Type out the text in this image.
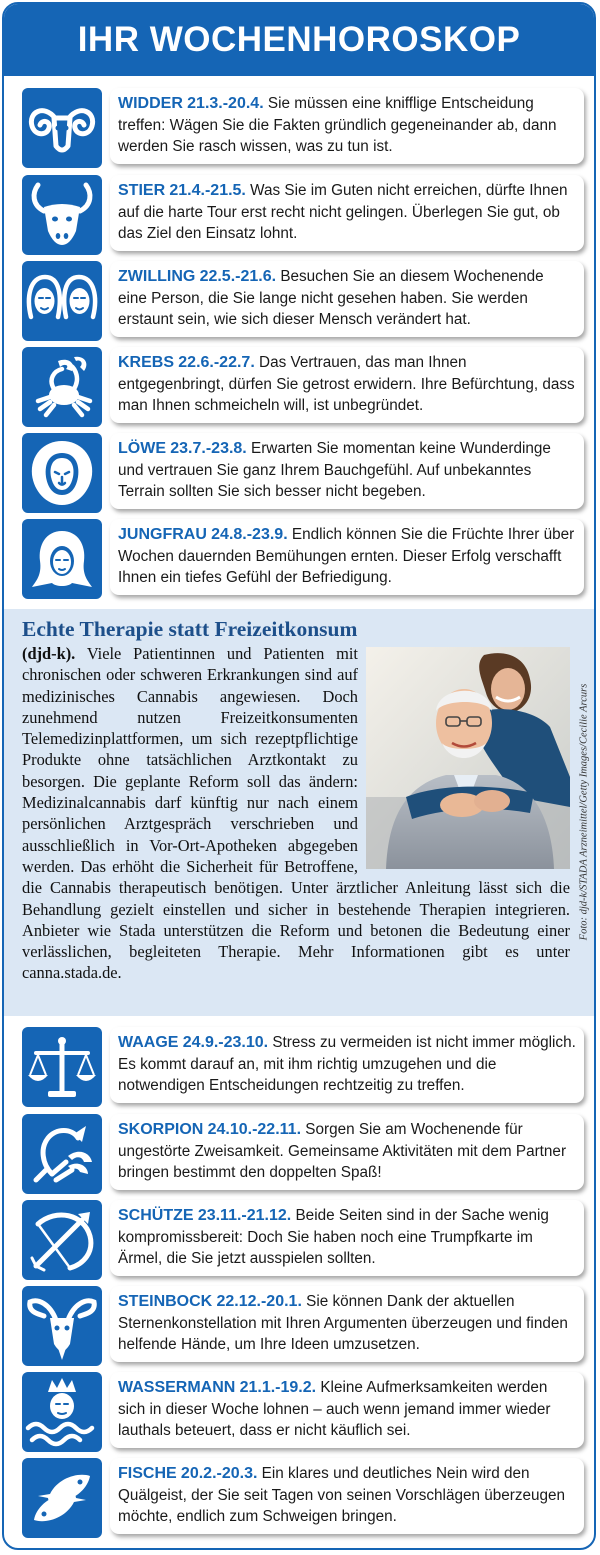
IHR WOCHENHOROSKOP
WIDDER 21.3.-20.4. Sie müssen eine knifflige Entscheidung treffen: Wägen Sie die Fakten gründlich gegeneinander ab, dann werden Sie rasch wissen, was zu tun ist.
STIER 21.4.-21.5. Was Sie im Guten nicht erreichen, dürfte Ihnen auf die harte Tour erst recht nicht gelingen. Überlegen Sie gut, ob das Ziel den Einsatz lohnt.
ZWILLING 22.5.-21.6. Besuchen Sie an diesem Wochenende eine Person, die Sie lange nicht gesehen haben. Sie werden erstaunt sein, wie sich dieser Mensch verändert hat.
KREBS 22.6.-22.7. Das Vertrauen, das man Ihnen entgegenbringt, dürfen Sie getrost erwidern. Ihre Befürchtung, dass man Ihnen schmeicheln will, ist unbegründet.
LÖWE 23.7.-23.8. Erwarten Sie momentan keine Wunderdinge und vertrauen Sie ganz Ihrem Bauchgefühl. Auf unbekanntes Terrain sollten Sie sich besser nicht begeben.
JUNGFRAU 24.8.-23.9. Endlich können Sie die Früchte Ihrer über Wochen dauernden Bemühungen ernten. Dieser Erfolg verschafft Ihnen ein tiefes Gefühl der Befriedigung.
Echte Therapie statt Freizeitkonsum
(djd-k). Viele Patientinnen und Patienten mit chronischen oder schweren Erkrankungen sind auf medizinisches Cannabis angewiesen. Doch zunehmend nutzen Freizeitkonsumenten Telemedizinplattformen, um sich rezeptpflichtige Produkte ohne tatsächlichen Arztkontakt zu besorgen. Die geplante Reform soll das ändern: Medizinalcannabis darf künftig nur nach einem persönlichen Arztgespräch verschrieben und ausschließlich in Vor-Ort-Apotheken abgegeben werden. Das erhöht die Sicherheit für Betroffene, die Cannabis therapeutisch benötigen. Unter ärztlicher Anleitung lässt sich die Behandlung gezielt einstellen und sicher in bestehende Therapien integrieren. Anbieter wie Stada unterstützen die Reform und betonen die Bedeutung einer verlässlichen, begleiteten Therapie. Mehr Informationen gibt es unter canna.stada.de.
Foto: djd-k/STADA Arzneimittel/Getty Images/Cecilie Arcurs
WAAGE 24.9.-23.10. Stress zu vermeiden ist nicht immer möglich. Es kommt darauf an, mit ihm richtig umzugehen und die notwendigen Entscheidungen rechtzeitig zu treffen.
SKORPION 24.10.-22.11. Sorgen Sie am Wochenende für ungestörte Zweisamkeit. Gemeinsame Aktivitäten mit dem Partner bringen bestimmt den doppelten Spaß!
SCHÜTZE 23.11.-21.12. Beide Seiten sind in der Sache wenig kompromissbereit: Doch Sie haben noch eine Trumpfkarte im Ärmel, die Sie jetzt ausspielen sollten.
STEINBOCK 22.12.-20.1. Sie können Dank der aktuellen Sternenkonstellation mit Ihren Argumenten überzeugen und finden helfende Hände, um Ihre Ideen umzusetzen.
WASSERMANN 21.1.-19.2. Kleine Aufmerksamkeiten werden sich in dieser Woche lohnen – auch wenn jemand immer wieder lauthals beteuert, dass er nicht käuflich sei.
FISCHE 20.2.-20.3. Ein klares und deutliches Nein wird den Quälgeist, der Sie seit Tagen von seinen Vorschlägen überzeugen möchte, endlich zum Schweigen bringen.
